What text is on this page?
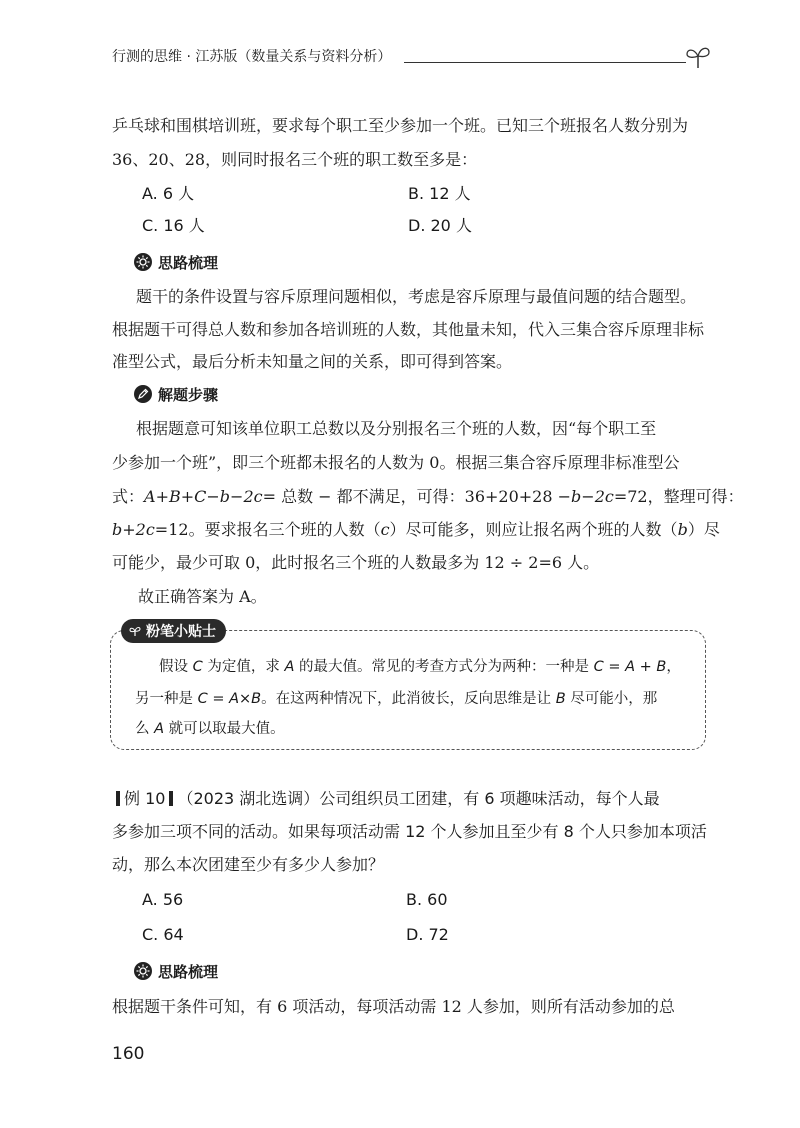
行测的思维 · 江苏版（数量关系与资料分析）
乒乓球和围棋培训班，要求每个职工至少参加一个班。已知三个班报名人数分别为
36、20、28，则同时报名三个班的职工数至多是：
A. 6 人	B. 12 人
C. 16 人	D. 20 人
思路梳理
题干的条件设置与容斥原理问题相似，考虑是容斥原理与最值问题的结合题型。
根据题干可得总人数和参加各培训班的人数，其他量未知，代入三集合容斥原理非标
准型公式，最后分析未知量之间的关系，即可得到答案。
解题步骤
根据题意可知该单位职工总数以及分别报名三个班的人数，因“每个职工至
少参加一个班”，即三个班都未报名的人数为 0。根据三集合容斥原理非标准型公
式：A+B+C−b−2c= 总数 − 都不满足，可得：36+20+28 −b−2c=72，整理可得：
b+2c=12。要求报名三个班的人数（c）尽可能多，则应让报名两个班的人数（b）尽
可能少，最少可取 0，此时报名三个班的人数最多为 12 ÷ 2=6 人。
故正确答案为 A。
粉笔小贴士
假设 C 为定值，求 A 的最大值。常见的考查方式分为两种：一种是 C = A + B，
另一种是 C = A×B。在这两种情况下，此消彼长，反向思维是让 B 尽可能小，那
么 A 就可以取最大值。
例 10 （2023 湖北选调）公司组织员工团建，有 6 项趣味活动，每个人最
多参加三项不同的活动。如果每项活动需 12 个人参加且至少有 8 个人只参加本项活
动，那么本次团建至少有多少人参加？
A. 56	B. 60
C. 64	D. 72
思路梳理
根据题干条件可知，有 6 项活动，每项活动需 12 人参加，则所有活动参加的总
160
